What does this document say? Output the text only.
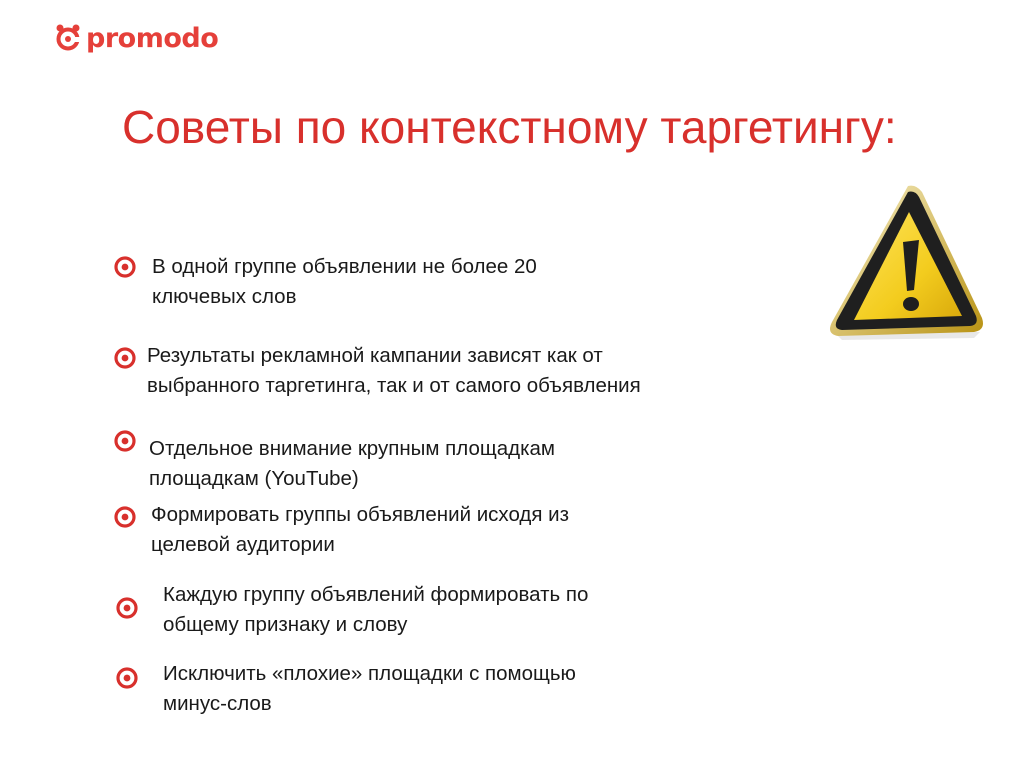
promodo
Советы по контекстному таргетингу:
!
В одной группе объявлении не более 20
ключевых слов
Результаты рекламной кампании зависят как от
выбранного таргетинга, так и от самого объявления
Отдельное внимание крупным площадкам
площадкам (YouTube)
Формировать группы объявлений исходя из
целевой аудитории
Каждую группу объявлений формировать по
общему признаку и слову
Исключить «плохие» площадки с помощью
минус-слов
